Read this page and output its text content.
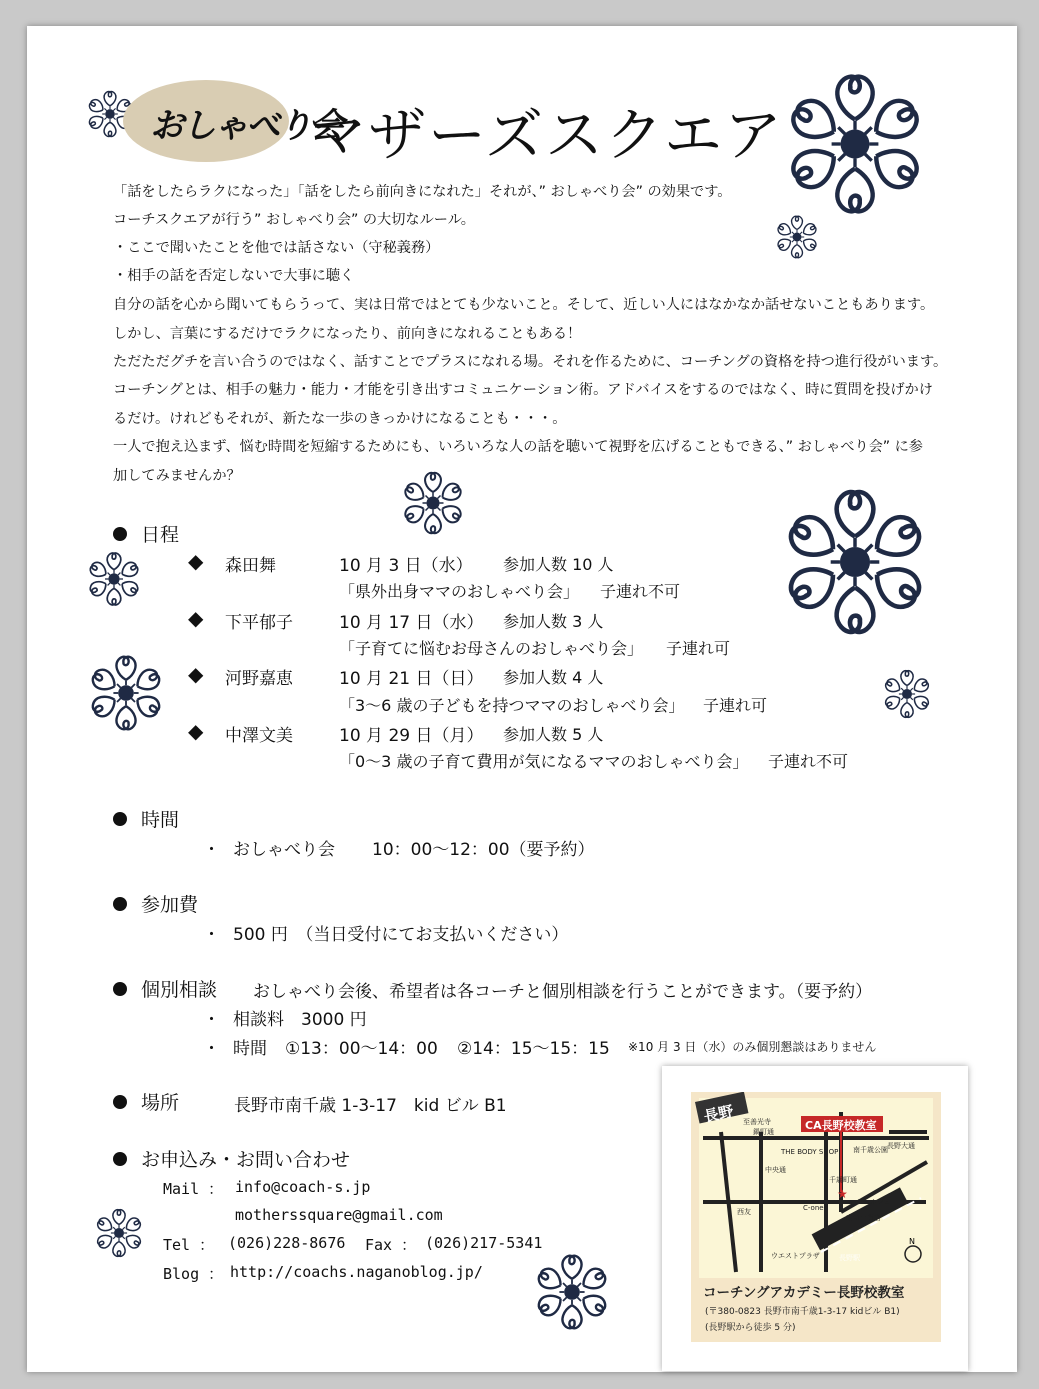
おしゃべり会
マザーズスクエア
「話をしたらラクになった」「話をしたら前向きになれた」それが、” おしゃべり会” の効果です。
コーチスクエアが行う” おしゃべり会” の大切なルール。
・ここで聞いたことを他では話さない（守秘義務）
・相手の話を否定しないで大事に聴く
自分の話を心から聞いてもらうって、実は日常ではとても少ないこと。そして、近しい人にはなかなか話せないこともあります。
しかし、言葉にするだけでラクになったり、前向きになれることもある！
ただただグチを言い合うのではなく、話すことでプラスになれる場。それを作るために、コーチングの資格を持つ進行役がいます。
コーチングとは、相手の魅力・能力・才能を引き出すコミュニケーション術。アドバイスをするのではなく、時に質問を投げかけ
るだけ。けれどもそれが、新たな一歩のきっかけになることも・・・。
一人で抱え込まず、悩む時間を短縮するためにも、いろいろな人の話を聴いて視野を広げることもできる、” おしゃべり会” に参
加してみませんか？
日程
◆ 森田舞	10 月 3 日（水） 参加人数 10 人
「県外出身ママのおしゃべり会」 子連れ不可
◆ 下平郁子	10 月 17 日（水） 参加人数 3 人
「子育てに悩むお母さんのおしゃべり会」 子連れ可
◆ 河野嘉恵	10 月 21 日（日） 参加人数 4 人
「3～6 歳の子どもを持つママのおしゃべり会」 子連れ可
◆ 中澤文美	10 月 29 日（月） 参加人数 5 人
「0～3 歳の子育て費用が気になるママのおしゃべり会」 子連れ不可
時間
・ おしゃべり会 10：00～12：00（要予約）
参加費
・ 500 円　（当日受付にてお支払いください）
個別相談 おしゃべり会後、希望者は各コーチと個別相談を行うことができます。（要予約）
・ 相談料　3000 円
・ 時間 ①13：00～14：00 ②14：15～15：15 ※10 月 3 日（水）のみ個別懇談はありません
場所	長野市南千歳 1-3-17　kid ビル B1
お申込み・お問い合わせ
Mail ： info@coach-s.jp
motherssquare@gmail.com
Tel ： (026)228-8676 Fax ： (026)217-5341
Blog ： http://coachs.naganoblog.jp/
長野	CA長野校教室
★
至善光寺
鍋町通
THE BODY SHOP 南千歳公園 長野大通
中央通
千歳町通
西友	C-one
ジェルシェ
東急百貨店
ウエストプラザ	長野駅
N
コーチングアカデミー長野校教室
(〒380-0823 長野市南千歳1-3-17 kidビル B1)
(長野駅から徒歩 5 分)
